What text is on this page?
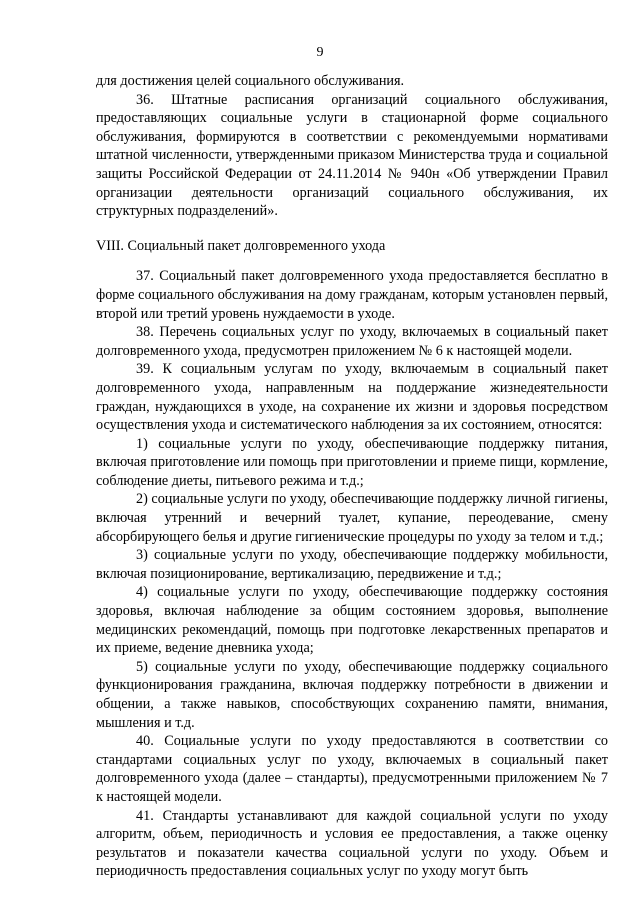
9

для достижения целей социального обслуживания.

36. Штатные расписания организаций социального обслуживания, предоставляющих социальные услуги в стационарной форме социального обслуживания, формируются в соответствии с рекомендуемыми нормативами штатной численности, утвержденными приказом Министерства труда и социальной защиты Российской Федерации от 24.11.2014 № 940н «Об утверждении Правил организации деятельности организаций социального обслуживания, их структурных подразделений».

VIII. Социальный пакет долговременного ухода

37. Социальный пакет долговременного ухода предоставляется бесплатно в форме социального обслуживания на дому гражданам, которым установлен первый, второй или третий уровень нуждаемости в уходе.

38. Перечень социальных услуг по уходу, включаемых в социальный пакет долговременного ухода, предусмотрен приложением № 6 к настоящей модели.

39. К социальным услугам по уходу, включаемым в социальный пакет долговременного ухода, направленным на поддержание жизнедеятельности граждан, нуждающихся в уходе, на сохранение их жизни и здоровья посредством осуществления ухода и систематического наблюдения за их состоянием, относятся:

1) социальные услуги по уходу, обеспечивающие поддержку питания, включая приготовление или помощь при приготовлении и приеме пищи, кормление, соблюдение диеты, питьевого режима и т.д.;

2) социальные услуги по уходу, обеспечивающие поддержку личной гигиены, включая утренний и вечерний туалет, купание, переодевание, смену абсорбирующего белья и другие гигиенические процедуры по уходу за телом и т.д.;

3) социальные услуги по уходу, обеспечивающие поддержку мобильности, включая позиционирование, вертикализацию, передвижение и т.д.;

4) социальные услуги по уходу, обеспечивающие поддержку состояния здоровья, включая наблюдение за общим состоянием здоровья, выполнение медицинских рекомендаций, помощь при подготовке лекарственных препаратов и их приеме, ведение дневника ухода;

5) социальные услуги по уходу, обеспечивающие поддержку социального функционирования гражданина, включая поддержку потребности в движении и общении, а также навыков, способствующих сохранению памяти, внимания, мышления и т.д.

40. Социальные услуги по уходу предоставляются в соответствии со стандартами социальных услуг по уходу, включаемых в социальный пакет долговременного ухода (далее – стандарты), предусмотренными приложением № 7 к настоящей модели.

41. Стандарты устанавливают для каждой социальной услуги по уходу алгоритм, объем, периодичность и условия ее предоставления, а также оценку результатов и показатели качества социальной услуги по уходу. Объем и периодичность предоставления социальных услуг по уходу могут быть
